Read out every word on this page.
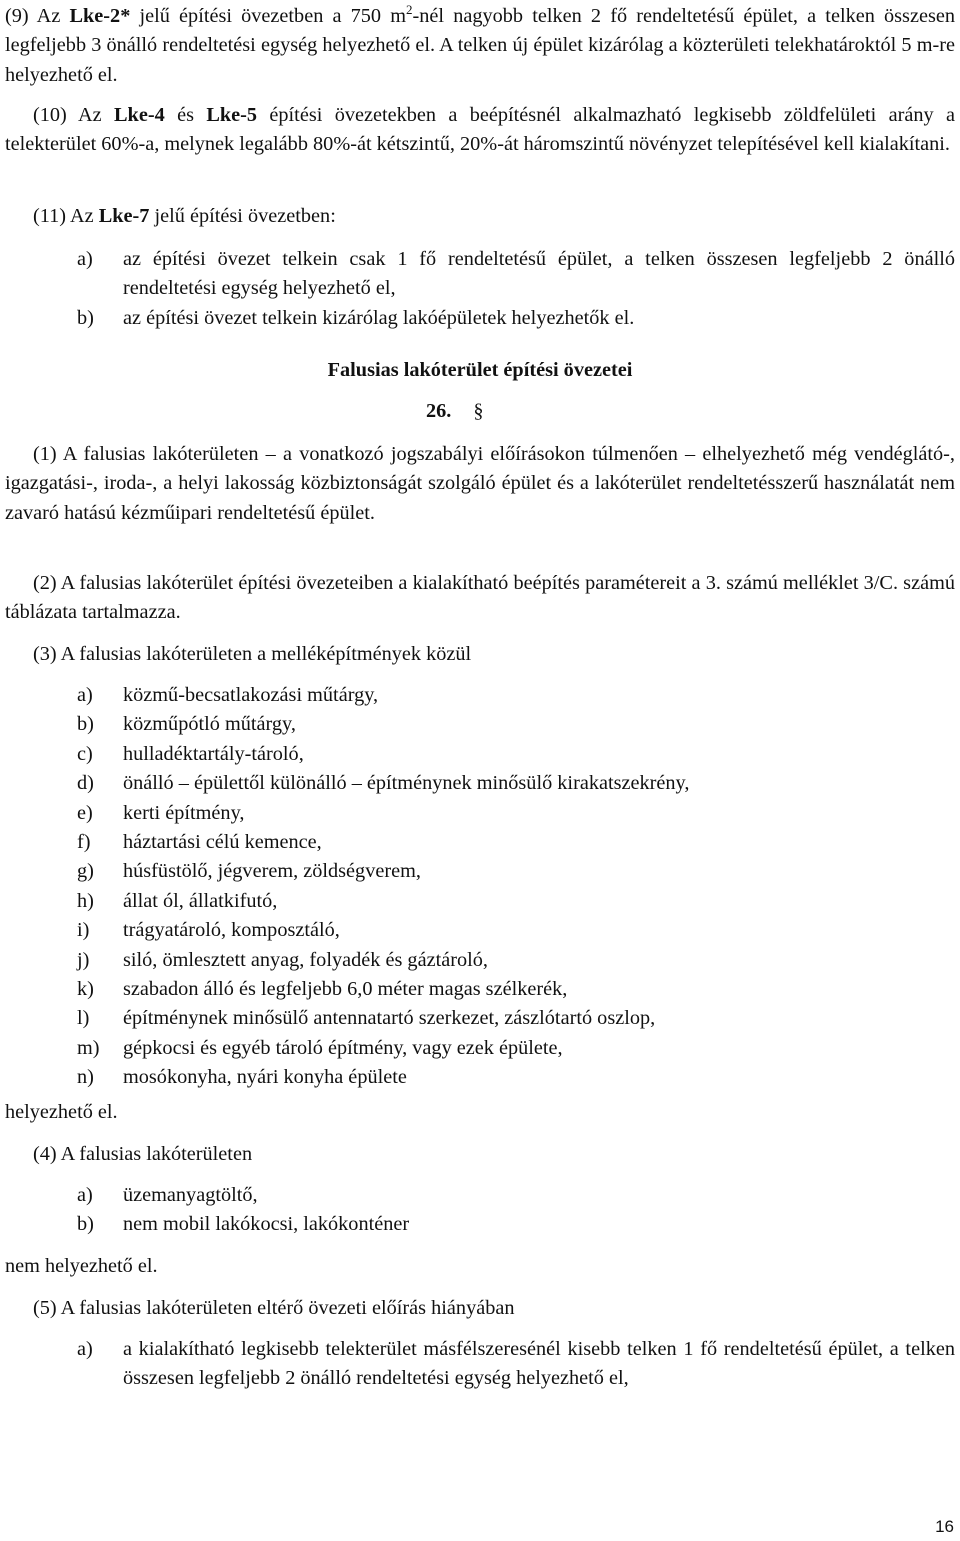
(9) Az Lke-2* jelű építési övezetben a 750 $m^2$-nél nagyobb telken 2 fő rendeltetésű épület, a telken összesen legfeljebb 3 önálló rendeltetési egység helyezhető el. A telken új épület kizárólag a közterületi telekhatároktól 5 m-re helyezhető el.

(10) Az Lke-4 és Lke-5 építési övezetekben a beépítésnél alkalmazható legkisebb zöldfelületi arány a telekterület 60%-a, melynek legalább 80%-át kétszintű, 20%-át háromszintű növényzet telepítésével kell kialakítani.

(11) Az Lke-7 jelű építési övezetben:

a) az építési övezet telkein csak 1 fő rendeltetésű épület, a telken összesen legfeljebb 2 önálló rendeltetési egység helyezhető el,
b) az építési övezet telkein kizárólag lakóépületek helyezhetők el.

Falusias lakóterület építési övezetei

26. §

(1) A falusias lakóterületen – a vonatkozó jogszabályi előírásokon túlmenően – elhelyezhető még vendéglátó-, igazgatási-, iroda-, a helyi lakosság közbiztonságát szolgáló épület és a lakóterület rendeltetésszerű használatát nem zavaró hatású kézműipari rendeltetésű épület.

(2) A falusias lakóterület építési övezeteiben a kialakítható beépítés paramétereit a 3. számú melléklet 3/C. számú táblázata tartalmazza.

(3) A falusias lakóterületen a melléképítmények közül

a) közmű-becsatlakozási műtárgy,
b) közműpótló műtárgy,
c) hulladéktartály-tároló,
d) önálló – épülettől különálló – építménynek minősülő kirakatszekrény,
e) kerti építmény,
f) háztartási célú kemence,
g) húsfüstölő, jégverem, zöldségverem,
h) állat ól, állatkifutó,
i) trágyatároló, komposztáló,
j) siló, ömlesztett anyag, folyadék és gáztároló,
k) szabadon álló és legfeljebb 6,0 méter magas szélkerék,
l) építménynek minősülő antennatartó szerkezet, zászlótartó oszlop,
m) gépkocsi és egyéb tároló építmény, vagy ezek épülete,
n) mosókonyha, nyári konyha épülete

helyezhető el.

(4) A falusias lakóterületen

a) üzemanyagtöltő,
b) nem mobil lakókocsi, lakókonténer

nem helyezhető el.

(5) A falusias lakóterületen eltérő övezeti előírás hiányában

a) a kialakítható legkisebb telekterület másfélszeresénél kisebb telken 1 fő rendeltetésű épület, a telken összesen legfeljebb 2 önálló rendeltetési egység helyezhető el,

16
